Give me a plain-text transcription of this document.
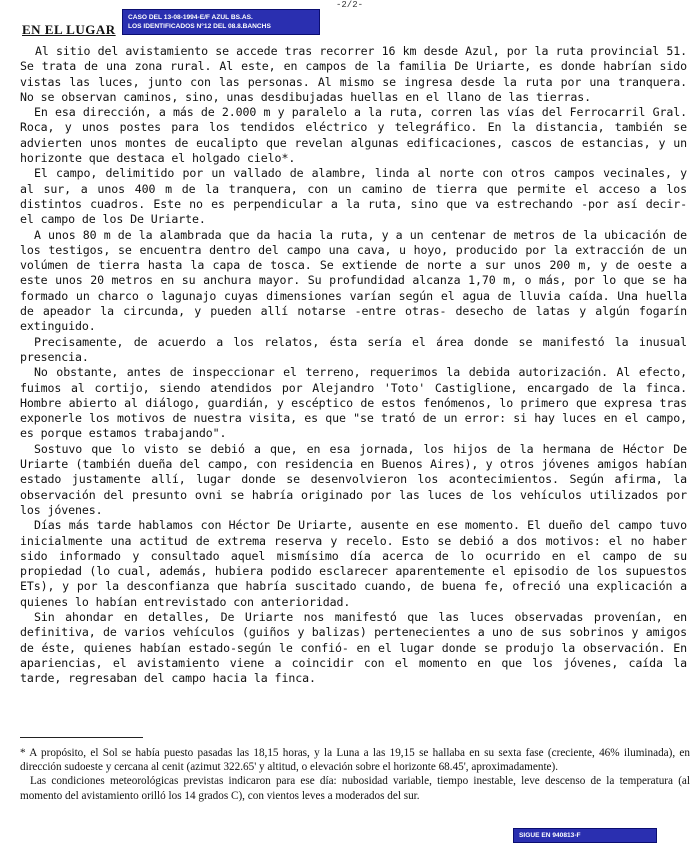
-2/2-
EN EL LUGAR
CASO DEL 13-08-1994-E/F AZUL BS.AS.
LOS IDENTIFICADOS N°12 DEL 08.8.BANCHS

Al sitio del avistamiento se accede tras recorrer 16 km desde Azul, por la ruta provincial 51. Se trata de una zona rural. Al este, en campos de la familia De Uriarte, es donde habrían sido vistas las luces, junto con las personas. Al mismo se ingresa desde la ruta por una tranquera. No se observan caminos, sino, unas desdibujadas huellas en el llano de las tierras.

En esa dirección, a más de 2.000 m y paralelo a la ruta, corren las vías del Ferrocarril Gral. Roca, y unos postes para los tendidos eléctrico y telegráfico. En la distancia, también se advierten unos montes de eucalipto que revelan algunas edificaciones, cascos de estancias, y un horizonte que destaca el holgado cielo*.

El campo, delimitido por un vallado de alambre, linda al norte con otros campos vecinales, y al sur, a unos 400 m de la tranquera, con un camino de tierra que permite el acceso a los distintos cuadros. Este no es perpendicular a la ruta, sino que va estrechando -por así decir- el campo de los De Uriarte.

A unos 80 m de la alambrada que da hacia la ruta, y a un centenar de metros de la ubicación de los testigos, se encuentra dentro del campo una cava, u hoyo, producido por la extracción de un volúmen de tierra hasta la capa de tosca. Se extiende de norte a sur unos 200 m, y de oeste a este unos 20 metros en su anchura mayor. Su profundidad alcanza 1,70 m, o más, por lo que se ha formado un charco o lagunajo cuyas dimensiones varían según el agua de lluvia caída. Una huella de apeador la circunda, y pueden allí notarse -entre otras- desecho de latas y algún fogarín extinguido.

Precisamente, de acuerdo a los relatos, ésta sería el área donde se manifestó la inusual presencia.

No obstante, antes de inspeccionar el terreno, requerimos la debida autorización. Al efecto, fuimos al cortijo, siendo atendidos por Alejandro 'Toto' Castiglione, encargado de la finca. Hombre abierto al diálogo, guardián, y escéptico de estos fenómenos, lo primero que expresa tras exponerle los motivos de nuestra visita, es que "se trató de un error: si hay luces en el campo, es porque estamos trabajando".

Sostuvo que lo visto se debió a que, en esa jornada, los hijos de la hermana de Héctor De Uriarte (también dueña del campo, con residencia en Buenos Aires), y otros jóvenes amigos habían estado justamente allí, lugar donde se desenvolvieron los acontecimientos. Según afirma, la observación del presunto ovni se habría originado por las luces de los vehículos utilizados por los jóvenes.

Días más tarde hablamos con Héctor De Uriarte, ausente en ese momento. El dueño del campo tuvo inicialmente una actitud de extrema reserva y recelo. Esto se debió a dos motivos: el no haber sido informado y consultado aquel mismísimo día acerca de lo ocurrido en el campo de su propiedad (lo cual, además, hubiera podido esclarecer aparentemente el episodio de los supuestos ETs), y por la desconfianza que habría suscitado cuando, de buena fe, ofreció una explicación a quienes lo habían entrevistado con anterioridad.

Sin ahondar en detalles, De Uriarte nos manifestó que las luces observadas provenían, en definitiva, de varios vehículos (guiños y balizas) pertenecientes a uno de sus sobrinos y amigos de éste, quienes habían estado-según le confió- en el lugar donde se produjo la observación. En apariencias, el avistamiento viene a coincidir con el momento en que los jóvenes, caída la tarde, regresaban del campo hacia la finca.

* A propósito, el Sol se había puesto pasadas las 18,15 horas, y la Luna a las 19,15 se hallaba en su sexta fase (creciente, 46% iluminada), en dirección sudoeste y cercana al cenit (azimut 322.65' y altitud, o elevación sobre el horizonte 68.45', aproximadamente).

Las condiciones meteorológicas previstas indicaron para ese día: nubosidad variable, tiempo inestable, leve descenso de la temperatura (al momento del avistamiento orilló los 14 grados C), con vientos leves a moderados del sur.

SIGUE EN 940813-F
